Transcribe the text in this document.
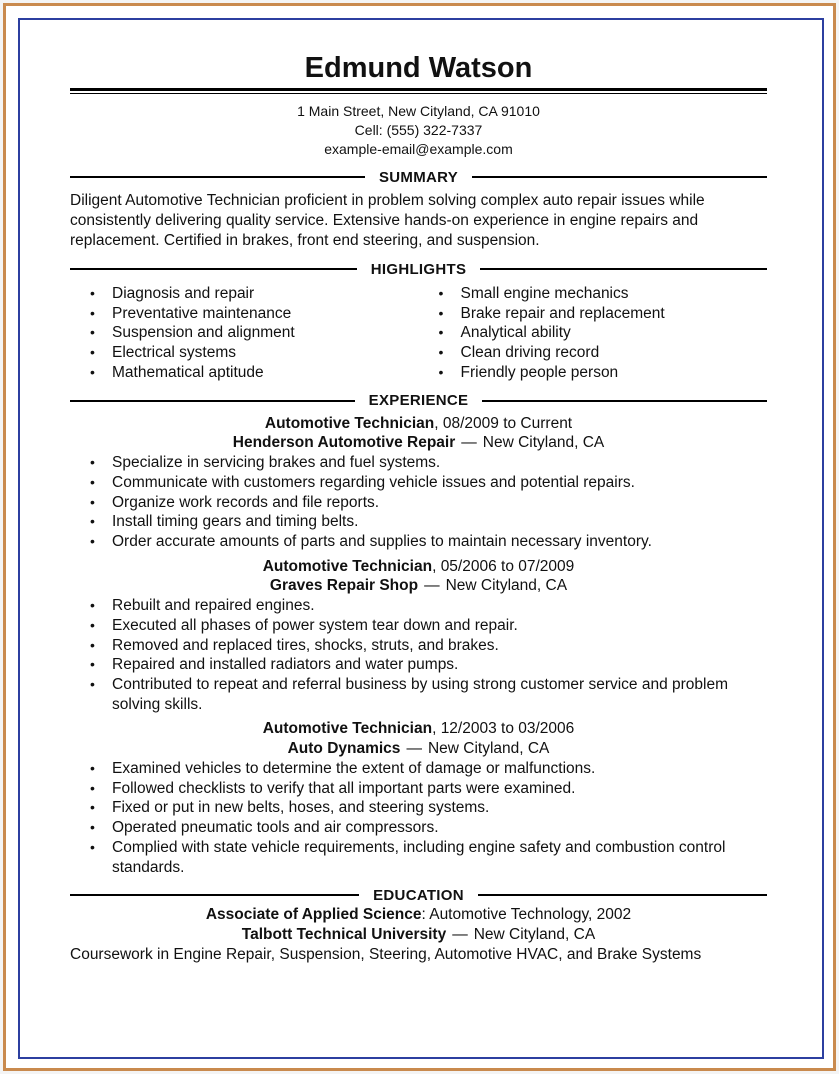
Edmund Watson
1 Main Street, New Cityland, CA 91010
Cell: (555) 322-7337
example-email@example.com
SUMMARY
Diligent Automotive Technician proficient in problem solving complex auto repair issues while consistently delivering quality service. Extensive hands-on experience in engine repairs and replacement. Certified in brakes, front end steering, and suspension.
HIGHLIGHTS
• Diagnosis and repair
• Preventative maintenance
• Suspension and alignment
• Electrical systems
• Mathematical aptitude
• Small engine mechanics
• Brake repair and replacement
• Analytical ability
• Clean driving record
• Friendly people person
EXPERIENCE
Automotive Technician, 08/2009 to Current
Henderson Automotive Repair — New Cityland, CA
• Specialize in servicing brakes and fuel systems.
• Communicate with customers regarding vehicle issues and potential repairs.
• Organize work records and file reports.
• Install timing gears and timing belts.
• Order accurate amounts of parts and supplies to maintain necessary inventory.
Automotive Technician, 05/2006 to 07/2009
Graves Repair Shop — New Cityland, CA
• Rebuilt and repaired engines.
• Executed all phases of power system tear down and repair.
• Removed and replaced tires, shocks, struts, and brakes.
• Repaired and installed radiators and water pumps.
• Contributed to repeat and referral business by using strong customer service and problem solving skills.
Automotive Technician, 12/2003 to 03/2006
Auto Dynamics — New Cityland, CA
• Examined vehicles to determine the extent of damage or malfunctions.
• Followed checklists to verify that all important parts were examined.
• Fixed or put in new belts, hoses, and steering systems.
• Operated pneumatic tools and air compressors.
• Complied with state vehicle requirements, including engine safety and combustion control standards.
EDUCATION
Associate of Applied Science: Automotive Technology, 2002
Talbott Technical University — New Cityland, CA
Coursework in Engine Repair, Suspension, Steering, Automotive HVAC, and Brake Systems
